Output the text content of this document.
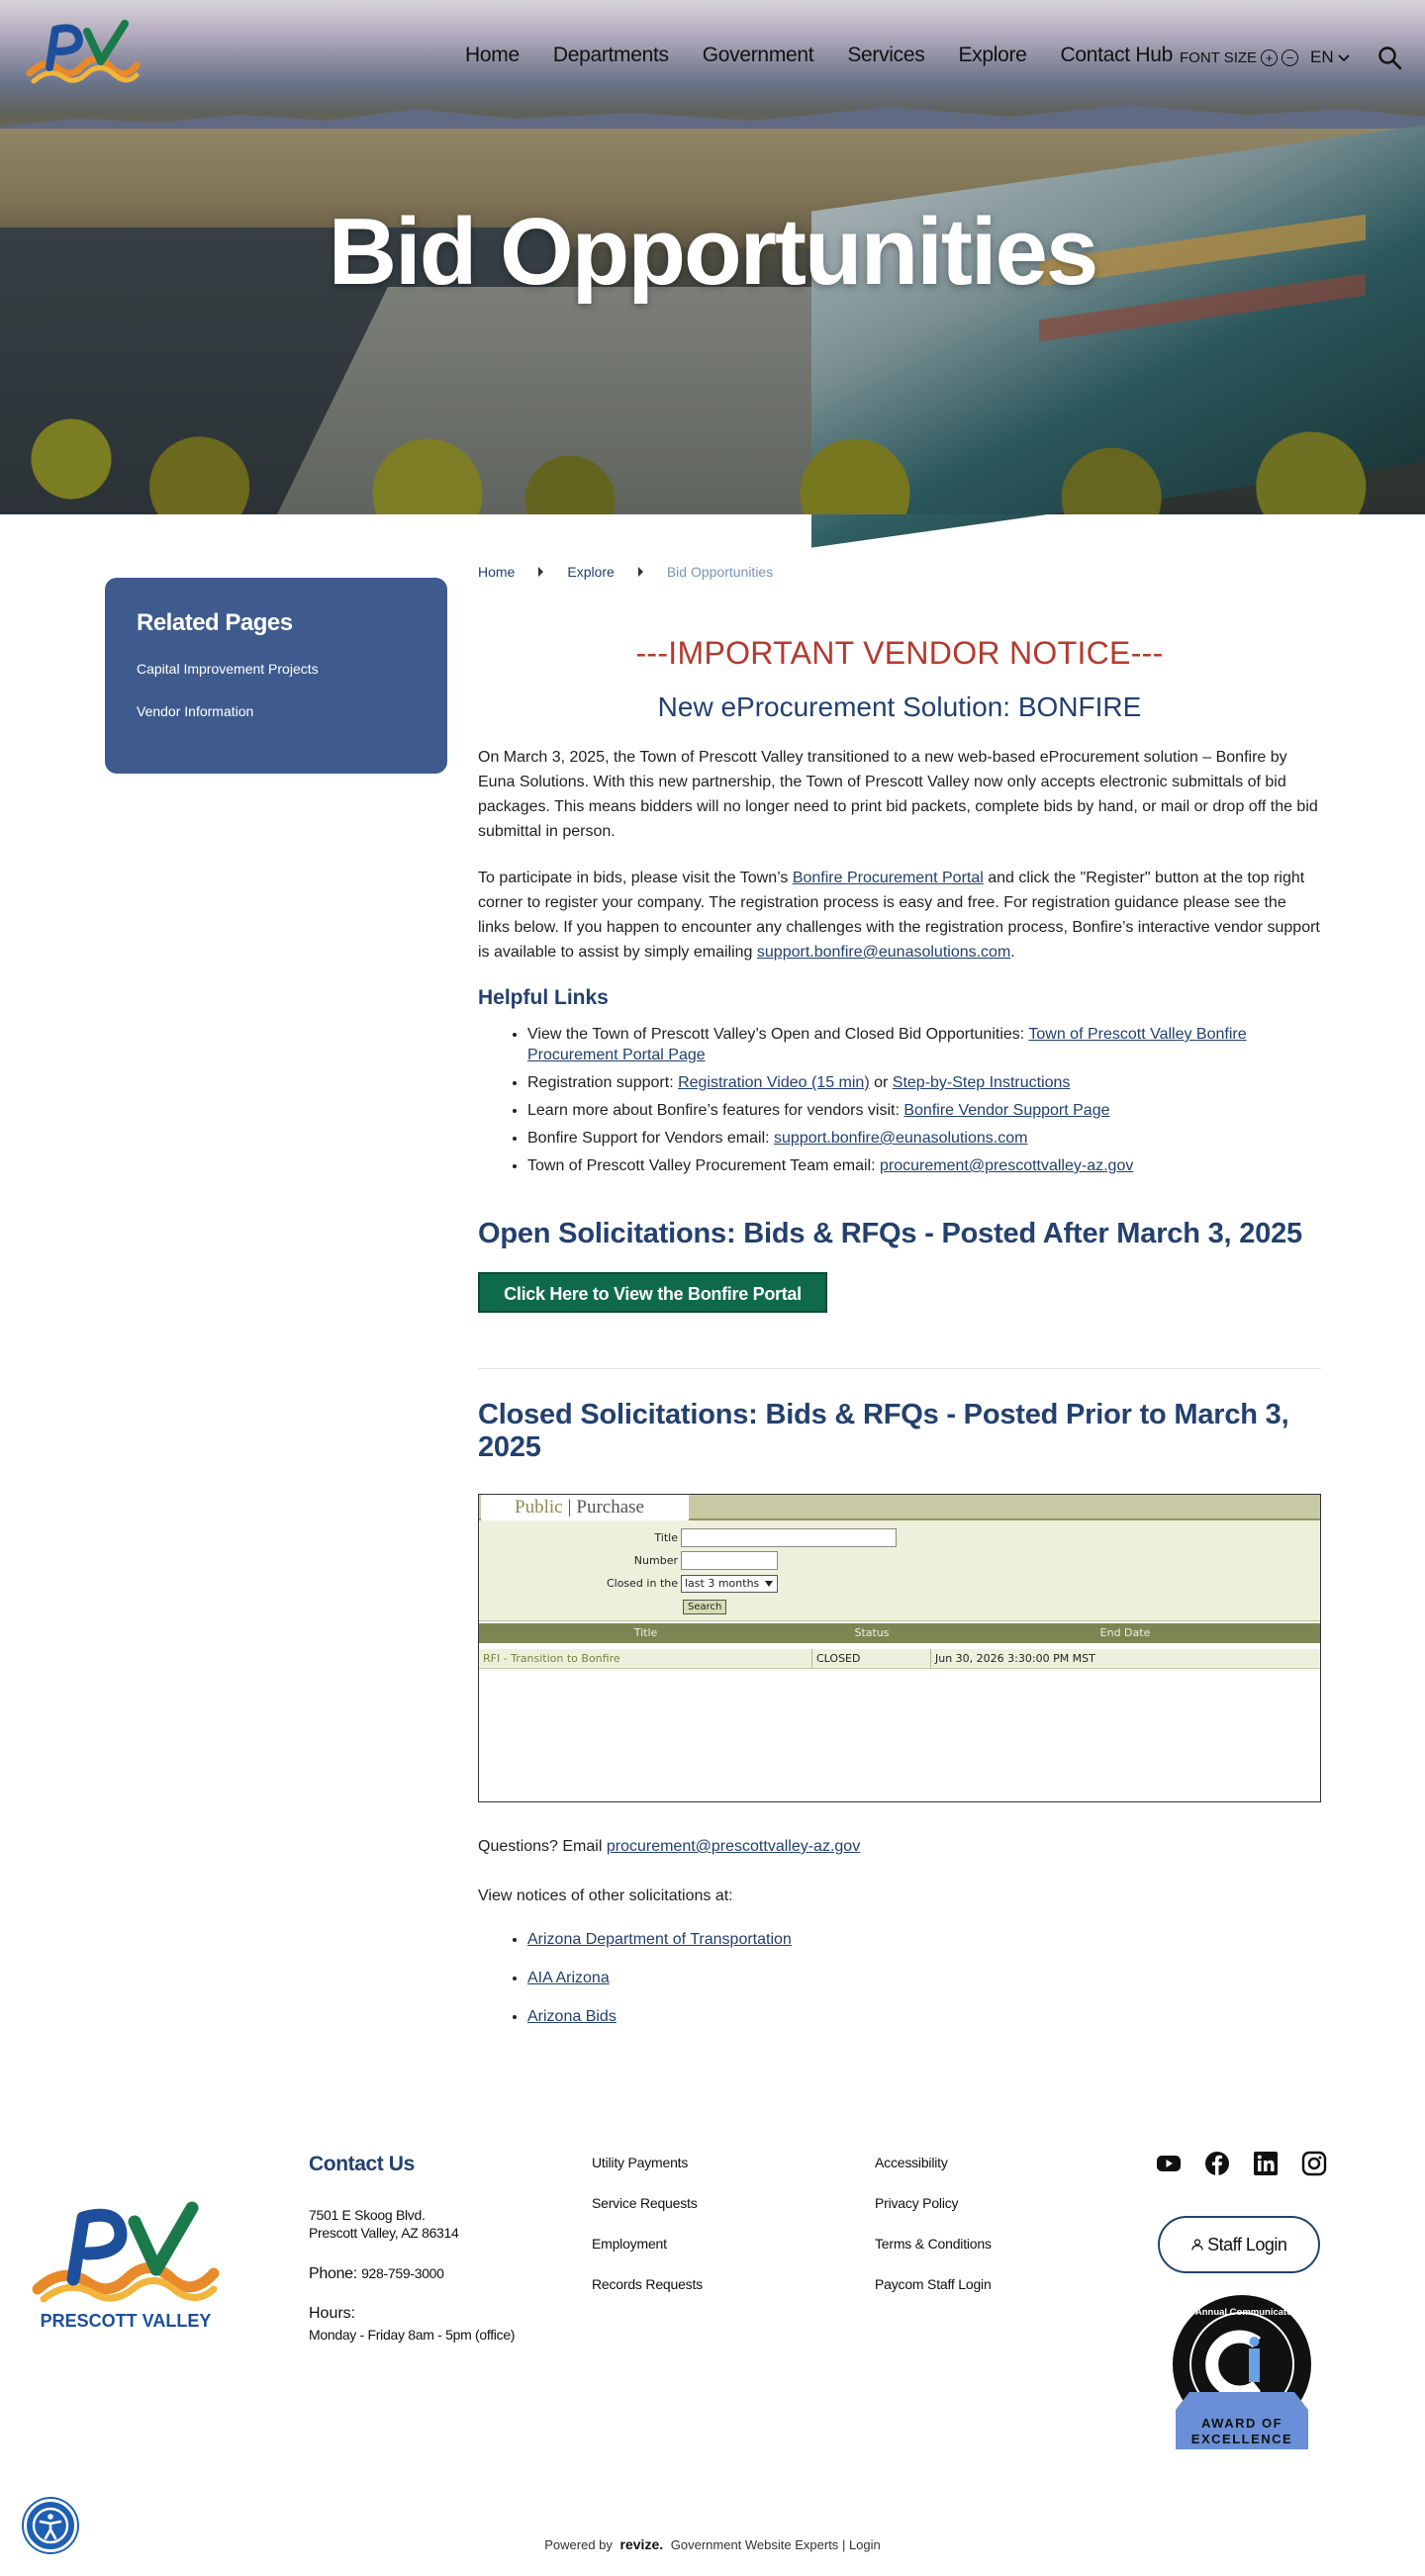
Bid Opportunities
Home Departments Government Services Explore Contact Hub FONT SIZE +	− EN
Related Pages
Capital Improvement Projects
Vendor Information
Home	Explore	Bid Opportunities
---IMPORTANT VENDOR NOTICE---
New eProcurement Solution: BONFIRE

On March 3, 2025, the Town of Prescott Valley transitioned to a new web-based eProcurement solution – Bonfire by Euna Solutions. With this new partnership, the Town of Prescott Valley now only accepts electronic submittals of bid packages. This means bidders will no longer need to print bid packets, complete bids by hand, or mail or drop off the bid submittal in person.

To participate in bids, please visit the Town’s Bonfire Procurement Portal and click the "Register" button at the top right corner to register your company. The registration process is easy and free. For registration guidance please see the links below. If you happen to encounter any challenges with the registration process, Bonfire’s interactive vendor support is available to assist by simply emailing support.bonfire@eunasolutions.com.

Helpful Links
• View the Town of Prescott Valley’s Open and Closed Bid Opportunities: Town of Prescott Valley Bonfire Procurement Portal Page
• Registration support: Registration Video (15 min) or Step-by-Step Instructions
• Learn more about Bonfire’s features for vendors visit: Bonfire Vendor Support Page
• Bonfire Support for Vendors email: support.bonfire@eunasolutions.com
• Town of Prescott Valley Procurement Team email: procurement@prescottvalley-az.gov
Open Solicitations: Bids & RFQs - Posted After March 3, 2025
Click Here to View the Bonfire Portal
Closed Solicitations: Bids & RFQs - Posted Prior to March 3, 2025
Public | Purchase
Title
Number
Closed in the last 3 months
Search
Title	Status	End Date
RFI - Transition to Bonfire	CLOSED	Jun 30, 2026 3:30:00 PM MST

Questions? Email procurement@prescottvalley-az.gov

View notices of other solicitations at:

• Arizona Department of Transportation
• AIA Arizona
• Arizona Bids
PRESCOTT VALLEY
Contact Us
7501 E Skoog Blvd.
Prescott Valley, AZ 86314
Phone: 928-759-3000
Hours:
Monday - Friday 8am - 5pm (office)
Utility Payments
Service Requests
Employment
Records Requests
Accessibility
Privacy Policy
Terms & Conditions
Paycom Staff Login
Staff Login
The 32nd Annual Communicator Awards
AWARD OF
EXCELLENCE
Powered by revize. Government Website Experts | Login
